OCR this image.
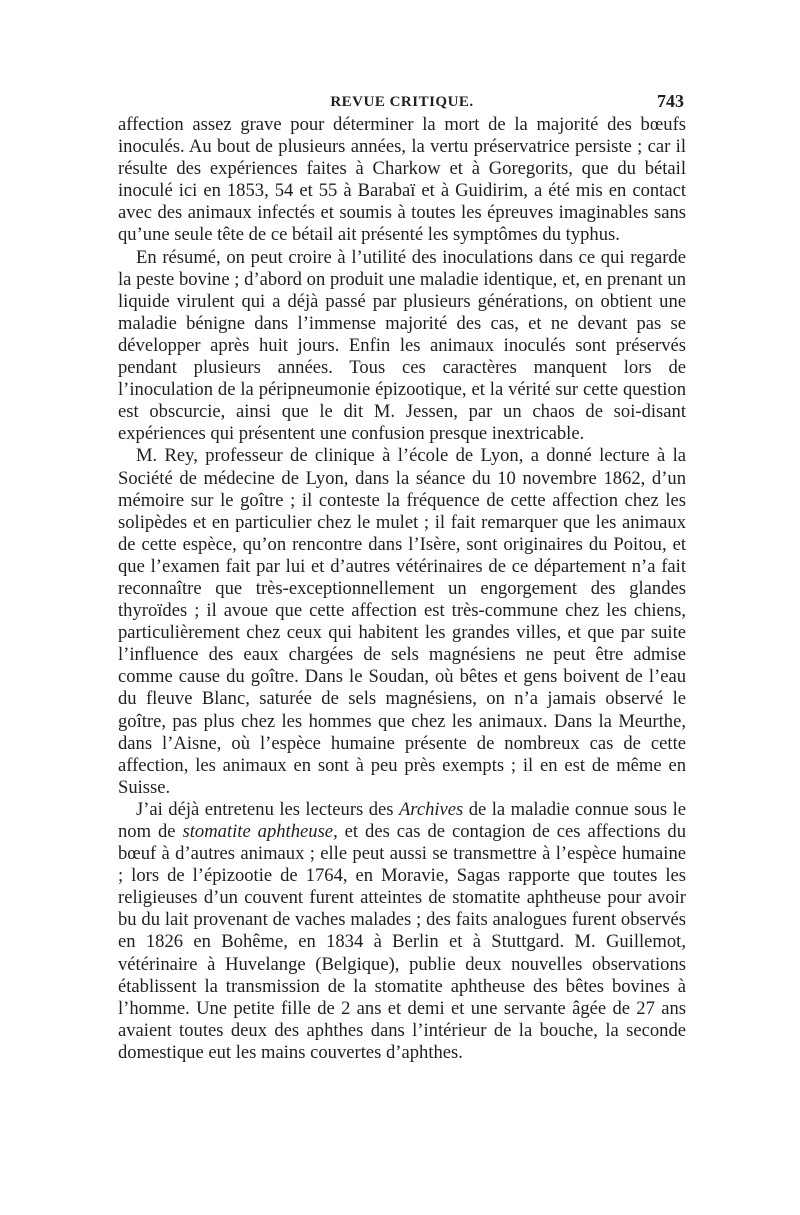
REVUE CRITIQUE.	743

affection assez grave pour déterminer la mort de la majorité des bœufs inoculés. Au bout de plusieurs années, la vertu préservatrice persiste ; car il résulte des expériences faites à Charkow et à Goregorits, que du bétail inoculé ici en 1853, 54 et 55 à Barabaï et à Guidirim, a été mis en contact avec des animaux infectés et soumis à toutes les épreuves imaginables sans qu’une seule tête de ce bétail ait présenté les symptômes du typhus.

En résumé, on peut croire à l’utilité des inoculations dans ce qui regarde la peste bovine ; d’abord on produit une maladie identique, et, en prenant un liquide virulent qui a déjà passé par plusieurs générations, on obtient une maladie bénigne dans l’immense majorité des cas, et ne devant pas se développer après huit jours. Enfin les animaux inoculés sont préservés pendant plusieurs années. Tous ces caractères manquent lors de l’inoculation de la péripneumonie épizootique, et la vérité sur cette question est obscurcie, ainsi que le dit M. Jessen, par un chaos de soi-disant expériences qui présentent une confusion presque inextricable.

M. Rey, professeur de clinique à l’école de Lyon, a donné lecture à la Société de médecine de Lyon, dans la séance du 10 novembre 1862, d’un mémoire sur le goître ; il conteste la fréquence de cette affection chez les solipèdes et en particulier chez le mulet ; il fait remarquer que les animaux de cette espèce, qu’on rencontre dans l’Isère, sont originaires du Poitou, et que l’examen fait par lui et d’autres vétérinaires de ce département n’a fait reconnaître que très-exceptionnellement un engorgement des glandes thyroïdes ; il avoue que cette affection est très-commune chez les chiens, particulièrement chez ceux qui habitent les grandes villes, et que par suite l’influence des eaux chargées de sels magnésiens ne peut être admise comme cause du goître. Dans le Soudan, où bêtes et gens boivent de l’eau du fleuve Blanc, saturée de sels magnésiens, on n’a jamais observé le goître, pas plus chez les hommes que chez les animaux. Dans la Meurthe, dans l’Aisne, où l’espèce humaine présente de nombreux cas de cette affection, les animaux en sont à peu près exempts ; il en est de même en Suisse.

J’ai déjà entretenu les lecteurs des Archives de la maladie connue sous le nom de stomatite aphtheuse, et des cas de contagion de ces affections du bœuf à d’autres animaux ; elle peut aussi se transmettre à l’espèce humaine ; lors de l’épizootie de 1764, en Moravie, Sagas rapporte que toutes les religieuses d’un couvent furent atteintes de stomatite aphtheuse pour avoir bu du lait provenant de vaches malades ; des faits analogues furent observés en 1826 en Bohême, en 1834 à Berlin et à Stuttgard. M. Guillemot, vétérinaire à Huvelange (Belgique), publie deux nouvelles observations établissent la transmission de la stomatite aphtheuse des bêtes bovines à l’homme. Une petite fille de 2 ans et demi et une servante âgée de 27 ans avaient toutes deux des aphthes dans l’intérieur de la bouche, la seconde domestique eut les mains couvertes d’aphthes.
